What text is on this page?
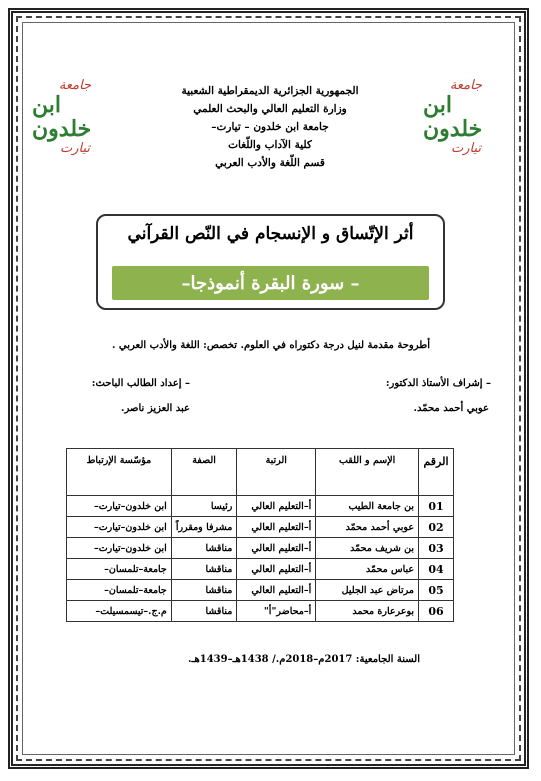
جامعة
ابن خلدون
تيارت
جامعة
ابن خلدون
تيارت
الجمهورية الجزائرية الديمقراطية الشعبية
وزارة التعليم العالي والبحث العلمي
جامعة ابن خلدون – تيارت–
كلية الآداب واللّغات
قسم اللّغة والأدب العربي
أثر الإتّساق و الإنسجام في النّص القرآني
– سورة البقرة أنموذجا–
أطروحة مقدمة لنيل درجة دكتوراه في العلوم. تخصص: اللغة والأدب العربي .
– إشراف الأستاذ الدكتور:
عوبي أحمد محمّد.
– إعداد الطالب الباحث:
عبد العزيز ناصر.
الرقم	الإسم و اللقب	الرتبة	الصفة	مؤسّسة الإرتباط
01	بن جامعة الطيب	أ–التعليم العالي	رئيسا	ابن خلدون–تيارت–
02	عوبي أحمد محمّد	أ–التعليم العالي	مشرفا ومقرراً	ابن خلدون–تيارت–
03	بن شريف محمّد	أ–التعليم العالي	مناقشا	ابن خلدون–تيارت–
04	عباس محمّد	أ–التعليم العالي	مناقشا	جامعة–تلمسان–
05	مرتاض عبد الجليل	أ–التعليم العالي	مناقشا	جامعة–تلمسان–
06	بوعرعارة محمد	أ–محاضر"أ"	مناقشا	م.ج.–تيسمسيلت–
السنة الجامعية: 2017م–2018م./ 1438هـ–1439هـ.
